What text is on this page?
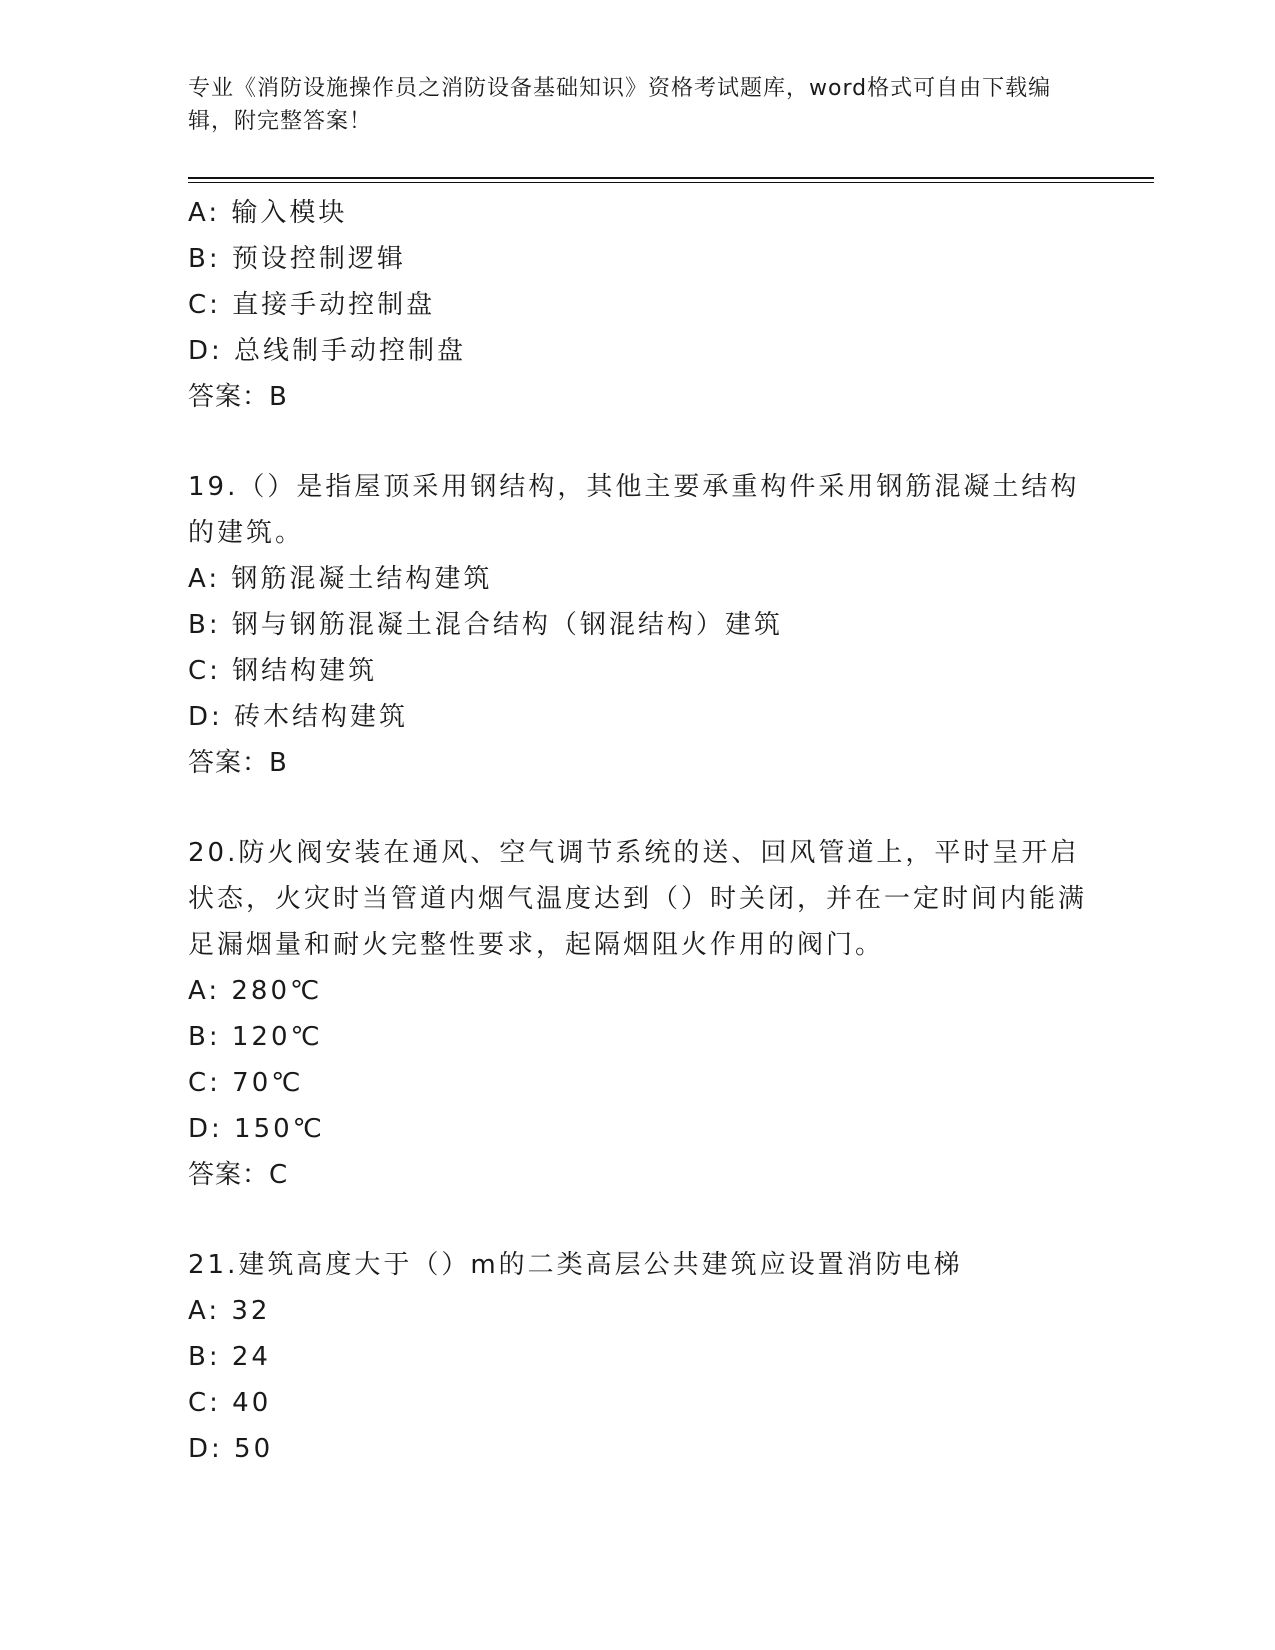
专业《消防设施操作员之消防设备基础知识》资格考试题库，word格式可自由下载编辑，附完整答案！
A: 输入模块
B: 预设控制逻辑
C: 直接手动控制盘
D: 总线制手动控制盘
答案：B
19.（）是指屋顶采用钢结构，其他主要承重构件采用钢筋混凝土结构的建筑。
A: 钢筋混凝土结构建筑
B: 钢与钢筋混凝土混合结构（钢混结构）建筑
C: 钢结构建筑
D: 砖木结构建筑
答案：B
20.防火阀安装在通风、空气调节系统的送、回风管道上，平时呈开启状态，火灾时当管道内烟气温度达到（）时关闭，并在一定时间内能满足漏烟量和耐火完整性要求，起隔烟阻火作用的阀门。
A: 280℃
B: 120℃
C: 70℃
D: 150℃
答案：C
21.建筑高度大于（）m的二类高层公共建筑应设置消防电梯
A: 32
B: 24
C: 40
D: 50
